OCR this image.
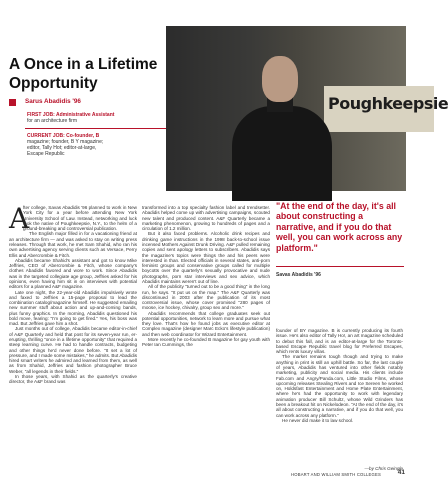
A Once in a Lifetime Opportunity
Sarus Abadidis '96
FIRST JOB: Administrative Assistant
for an architecture firm
CURRENT JOB: Co-founder, B
magazine; founder, B Y magazine;
editor, Tally Hot; editor-at-large,
Escape Republic
Poughkeepsie
A

fter college, Savas Abadidis '96 planned to work in New York City for a year before attending New York University School of Law. Instead, networking and luck took the native of Poughkeepsie, N.Y., to the helm of a ground-breaking and controversial publication.

The English major filled in for a vacationing friend at an architecture firm — and was asked to stay on writing press releases. Through that work, he met Sam Shahid, who ran his own advertising agency serving clients such as Versace, Perry Ellis and Abercrombie & Fitch.

Abadidis became Shahid's assistant and got to know Mike Jeffries, CEO of Abercrombie & Fitch, whose company's clothes Abadidis favored and wore to work. Since Abadidis was in the targeted collegiate age group, Jeffries asked for his opinions, even having him sit in on interviews with potential editors for a planned A&F magazine.

Late one night, the 22-year-old Abadidis impulsively wrote and faxed to Jeffries a 15-page proposal to lead the combination catalog/magazine himself. He suggested emailing new summer stuff about action and up-and-coming bands, plus funny graphics. In the morning, Abadidis questioned his bold move, fearing: "I'm going to get fired." Yes, his boss was mad. But Jeffries gave him a shot.

Just months out of college, Abadidis became editor-in-chief of A&F Quarterly and held that post for its seven-year run, er-erupting, thrilling "once in a lifetime opportunity" that required a steep learning curve. He had to handle contracts, budgeting and other things he'd never done before. "It set a lot of pressure, and I made some mistakes," he admits. But Abadidis hired smart writers he admired and learned from them, as well as from Shahid, Jeffries and fashion photographer Bruce Weber, "all legends in their fields."

In those years, with Shahid as the quarterly's creative director, the A&F brand was

transformed into a top specialty fashion label and trendsetter. Abadidis helped come up with advertising campaigns, scouted new talent and produced content. A&F Quarterly became a marketing phenomenon, growing to hundreds of pages and a circulation of 1.2 million.

But it also faced problems. Alcoholic drink recipes and drinking game instructions in the 1998 back-to-school issue incensed Mothers Against Drunk Driving. A&F pulled remaining copies and sent apology letters to subscribers. Abadidis says the magazine's topics were things the and his peers were interested in than. Elected officials in several states, anti-porn feminist groups and conservative groups called for multiple boycotts over the quarterly's sexually provocative and nude photographs, porn star interviews and sex advice, which Abadidis maintains weren't out of line.

All of the publicity "turned out to be a good thing" in the long run, he says. "It put us on the map." The A&F Quarterly was discontinued in 2003 after the publication of its most controversial issue, whose cover promised "280 pages of moose, ice hockey, chivalry, group sex and more."

Abadidis recommends that college graduates seek out potential opportunities, network to learn more and pursue what they love. That's how he found jobs as executive editor at Complex magazine (designer Marc Ecko's lifestyle publication) and then web coordinator for Wizard Entertainment.

More recently he co-founded B magazine for gay youth with Peter Ian Cummings, the

"At the end of the day, it's all about constructing a narrative, and if you do that well, you can work across any platform."
Savas Abadidis '96

founder of BY magazine. B is currently producing its fourth issue. He's also editor of Tally Ho!, an art magazine scheduled to debut this fall, and is an editor-at-large for the Toronto-based Escape Republic travel blog for Preferred Escapes, which rents luxury villas.

The market remains tough though and trying to make anything in print is still an uphill battle. So far, the last couple of years, Abadidis has ventured into other fields notably marketing, publicity and social media. His clients include Fab.com and Angry/Panda.com, Little Studio Films, whose upcoming releases Stealing Rivers and Ice Sereen he worked on, Holdsfast Entertainment and Home Plate Entertainment, where he's had the opportunity to work with legendary animation producer Bill Schultz, whose Wild Grinders has been a breakout hit on Nickelodeon. "At the end of the day, it's all about constructing a narrative, and if you do that well, you can work across any platform."

He never did make it to law school.

—by Chris Geingle
HOBART AND WILLIAM SMITH COLLEGES	41
